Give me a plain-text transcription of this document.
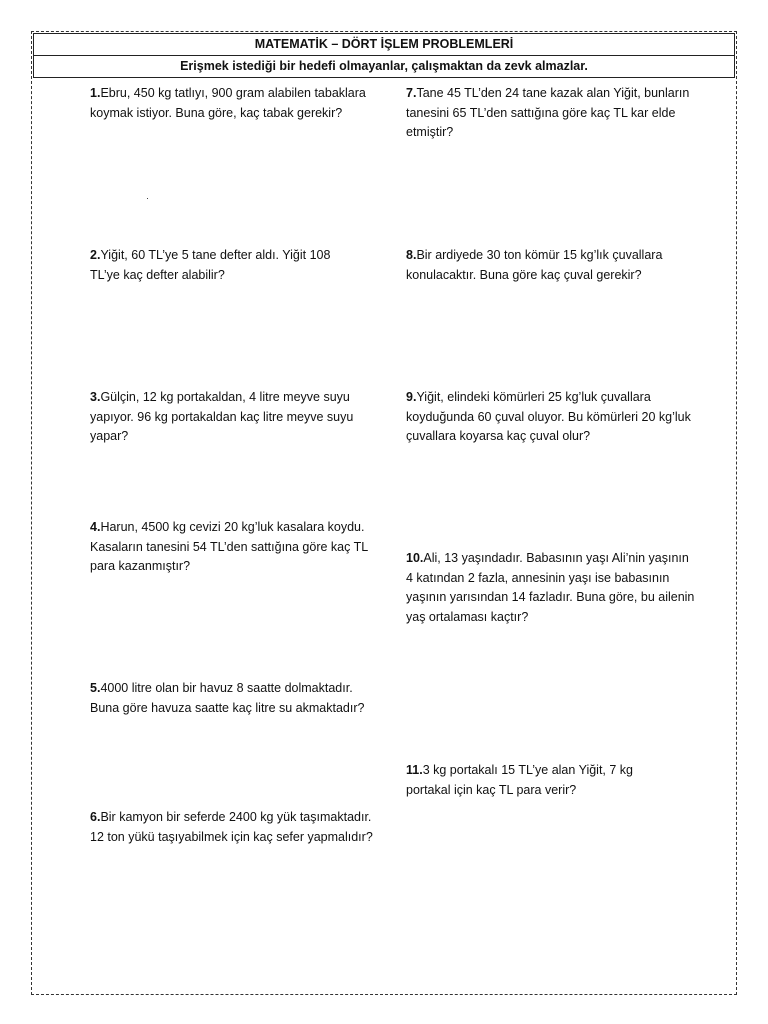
MATEMATİK – DÖRT İŞLEM PROBLEMLERİ
Erişmek istediği bir hedefi olmayanlar, çalışmaktan da zevk almazlar.
1.Ebru, 450 kg tatlıyı, 900 gram alabilen tabaklara koymak istiyor. Buna göre, kaç tabak gerekir?
2.Yiğit, 60 TL’ye 5 tane defter aldı. Yiğit 108 TL’ye kaç defter alabilir?
3.Gülçin, 12 kg portakaldan, 4 litre meyve suyu yapıyor. 96 kg portakaldan kaç litre meyve suyu yapar?
4.Harun, 4500 kg cevizi 20 kg’luk kasalara koydu. Kasaların tanesini 54 TL’den sattığına göre kaç TL para kazanmıştır?
5.4000 litre olan bir havuz 8 saatte dolmaktadır. Buna göre havuza saatte kaç litre su akmaktadır?
6.Bir kamyon bir seferde 2400 kg yük taşımaktadır. 12 ton yükü taşıyabilmek için kaç sefer yapmalıdır?
7.Tane 45 TL’den 24 tane kazak alan Yiğit, bunların tanesini 65 TL’den sattığına göre kaç TL kar elde etmiştir?
8.Bir ardiyede 30 ton kömür 15 kg’lık çuvallara konulacaktır. Buna göre kaç çuval gerekir?
9.Yiğit, elindeki kömürleri 25 kg’luk çuvallara koyduğunda 60 çuval oluyor. Bu kömürleri 20 kg’luk çuvallara koyarsa kaç çuval olur?
10.Ali, 13 yaşındadır. Babasının yaşı Ali’nin yaşının 4 katından 2 fazla, annesinin yaşı ise babasının yaşının yarısından 14 fazladır. Buna göre, bu ailenin yaş ortalaması kaçtır?
11.3 kg portakalı 15 TL’ye alan Yiğit, 7 kg portakal için kaç TL para verir?
